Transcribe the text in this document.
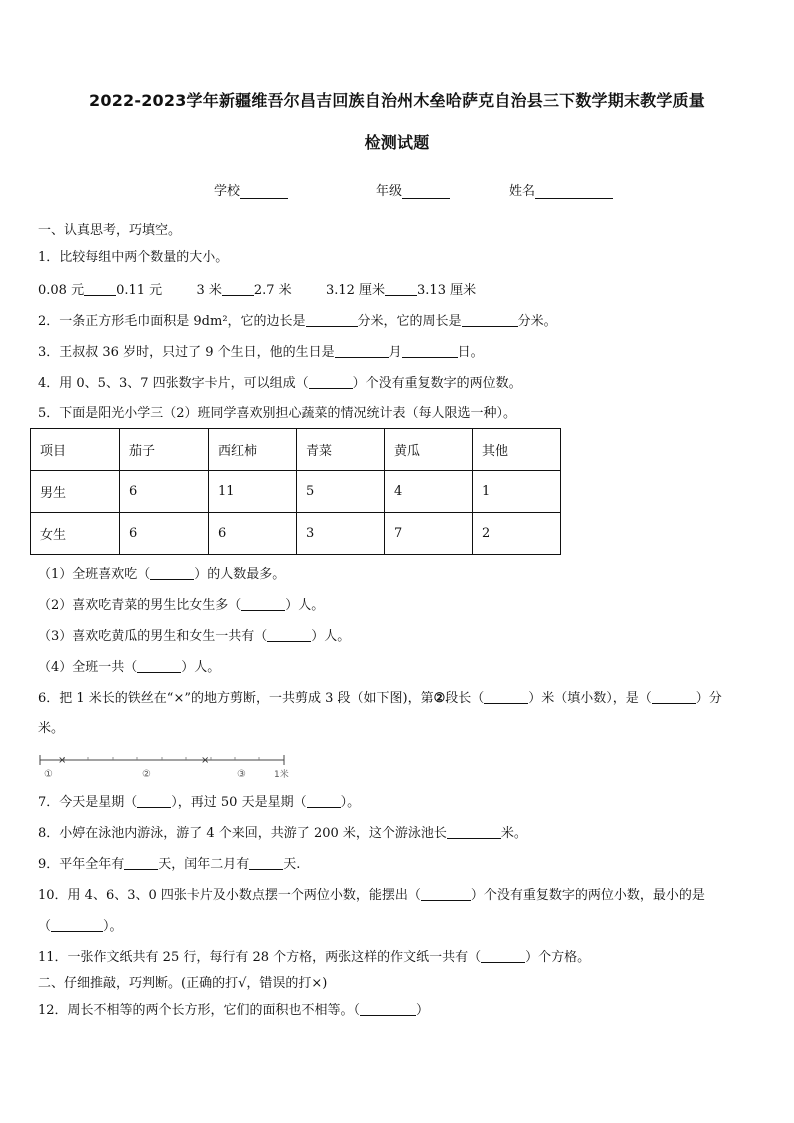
2022-2023学年新疆维吾尔昌吉回族自治州木垒哈萨克自治县三下数学期末教学质量
检测试题
学校	年级	姓名
一、认真思考，巧填空。
1．比较每组中两个数量的大小。
0.08 元 0.11 元	3 米 2.7 米	3.12 厘米 3.13 厘米
2．一条正方形毛巾面积是 9dm²，它的边长是	分米，它的周长是	分米。
3．王叔叔 36 岁时，只过了 9 个生日，他的生日是	月	日。
4．用 0、5、3、7 四张数字卡片，可以组成（	）个没有重复数字的两位数。
5．下面是阳光小学三（2）班同学喜欢别担心蔬菜的情况统计表（每人限选一种）。
项目	茄子	西红柿	青菜	黄瓜	其他
男生	6	11	5	4	1
女生	6	6	3	7	2
（1）全班喜欢吃（	）的人数最多。
（2）喜欢吃青菜的男生比女生多（	）人。
（3）喜欢吃黄瓜的男生和女生一共有（	）人。
（4）全班一共（	）人。
6．把 1 米长的铁丝在“×”的地方剪断，一共剪成 3 段（如下图)，第②段长（	）米（填小数），是（	）分
米。
×	×
①	②	③	1米
7．今天是星期（	），再过 50 天是星期（	）。
8．小婷在泳池内游泳，游了 4 个来回，共游了 200 米，这个游泳池长	米。
9．平年全年有	天，闰年二月有	天.
10．用 4、6、3、0 四张卡片及小数点摆一个两位小数，能摆出（	）个没有重复数字的两位小数，最小的是
（	）。
11．一张作文纸共有 25 行，每行有 28 个方格，两张这样的作文纸一共有（	）个方格。
二、仔细推敲，巧判断。(正确的打√，错误的打×)
12．周长不相等的两个长方形，它们的面积也不相等。（	）
